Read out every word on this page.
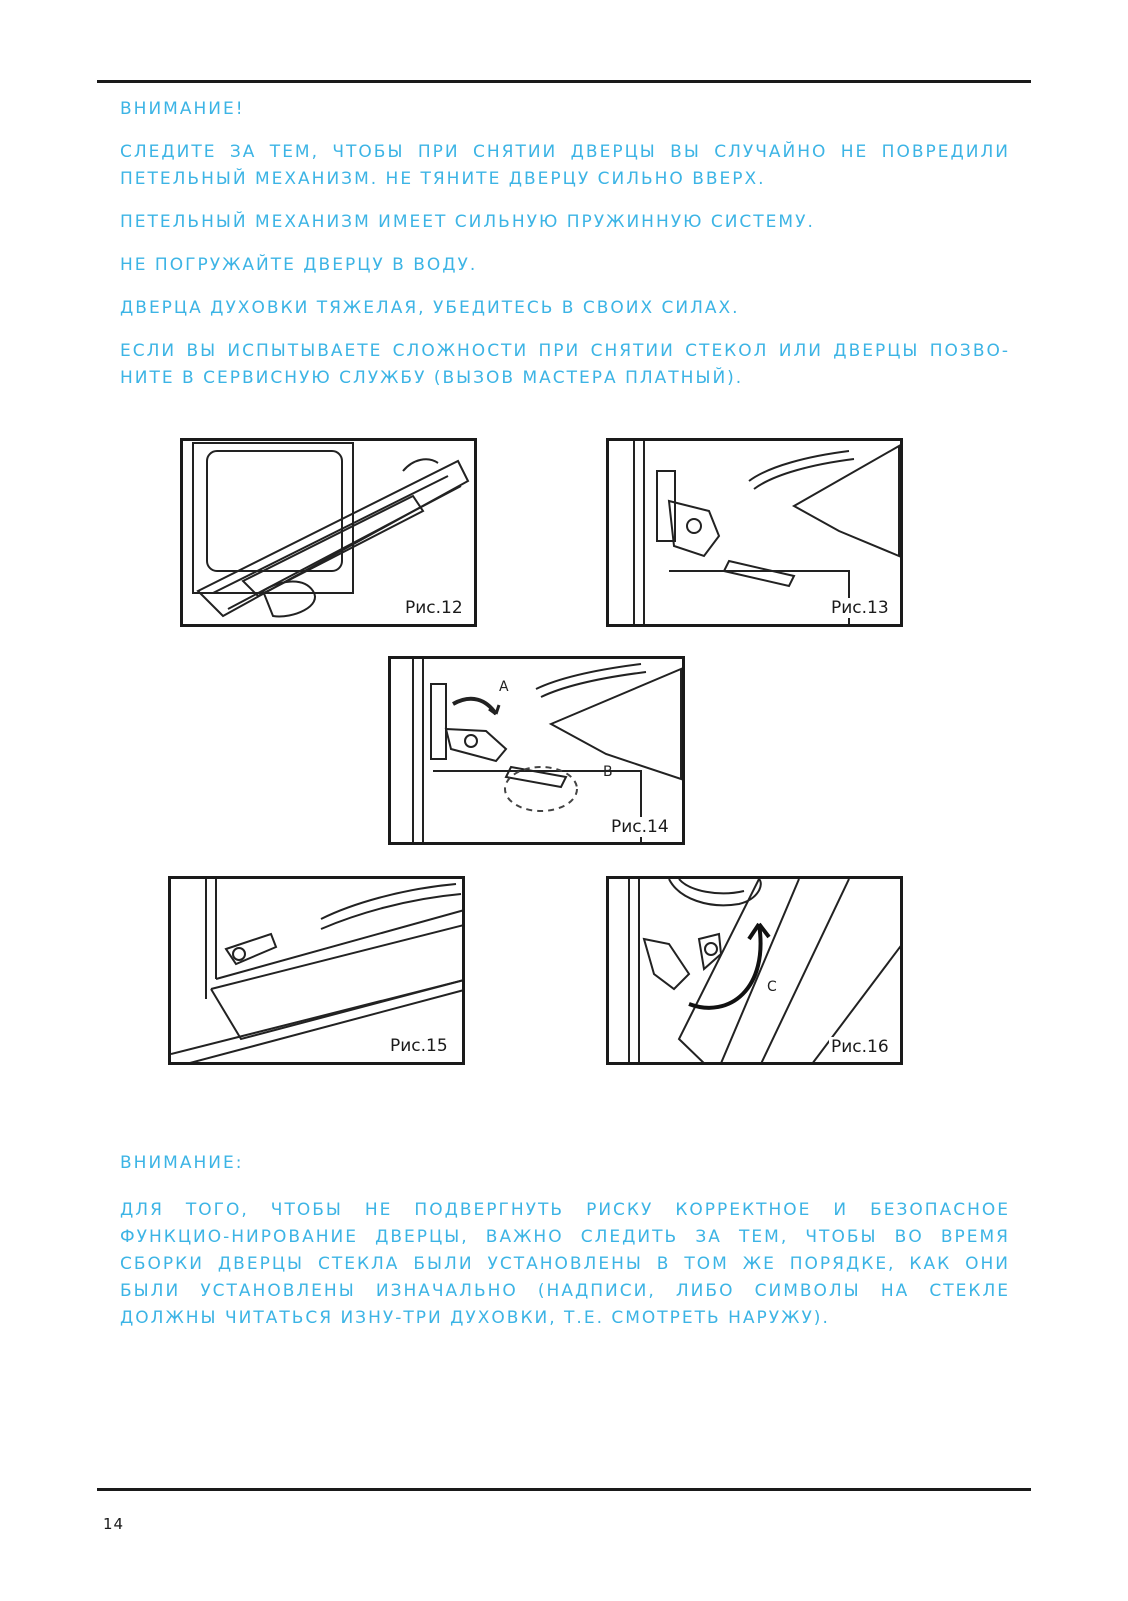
ВНИМАНИЕ!

СЛЕДИТЕ ЗА ТЕМ, ЧТОБЫ ПРИ СНЯТИИ ДВЕРЦЫ ВЫ СЛУЧАЙНО НЕ ПОВРЕДИЛИ ПЕТЕЛЬНЫЙ МЕХАНИЗМ. НЕ ТЯНИТЕ ДВЕРЦУ СИЛЬНО ВВЕРХ.

ПЕТЕЛЬНЫЙ МЕХАНИЗМ ИМЕЕТ СИЛЬНУЮ ПРУЖИННУЮ СИСТЕМУ.

НЕ ПОГРУЖАЙТЕ ДВЕРЦУ В ВОДУ.

ДВЕРЦА ДУХОВКИ ТЯЖЕЛАЯ, УБЕДИТЕСЬ В СВОИХ СИЛАХ.

ЕСЛИ ВЫ ИСПЫТЫВАЕТЕ СЛОЖНОСТИ ПРИ СНЯТИИ СТЕКОЛ ИЛИ ДВЕРЦЫ ПОЗВО-НИТЕ В СЕРВИСНУЮ СЛУЖБУ (ВЫЗОВ МАСТЕРА ПЛАТНЫЙ).

Рис.12	Рис.13
A
B
Рис.14
Рис.15
C
Рис.16

ВНИМАНИЕ:

ДЛЯ ТОГО, ЧТОБЫ НЕ ПОДВЕРГНУТЬ РИСКУ КОРРЕКТНОЕ И БЕЗОПАСНОЕ ФУНКЦИО-НИРОВАНИЕ ДВЕРЦЫ, ВАЖНО СЛЕДИТЬ ЗА ТЕМ, ЧТОБЫ ВО ВРЕМЯ СБОРКИ ДВЕРЦЫ СТЕКЛА БЫЛИ УСТАНОВЛЕНЫ В ТОМ ЖЕ ПОРЯДКЕ, КАК ОНИ БЫЛИ УСТАНОВЛЕНЫ ИЗНАЧАЛЬНО (НАДПИСИ, ЛИБО СИМВОЛЫ НА СТЕКЛЕ ДОЛЖНЫ ЧИТАТЬСЯ ИЗНУ-ТРИ ДУХОВКИ, Т.Е. СМОТРЕТЬ НАРУЖУ).

14
